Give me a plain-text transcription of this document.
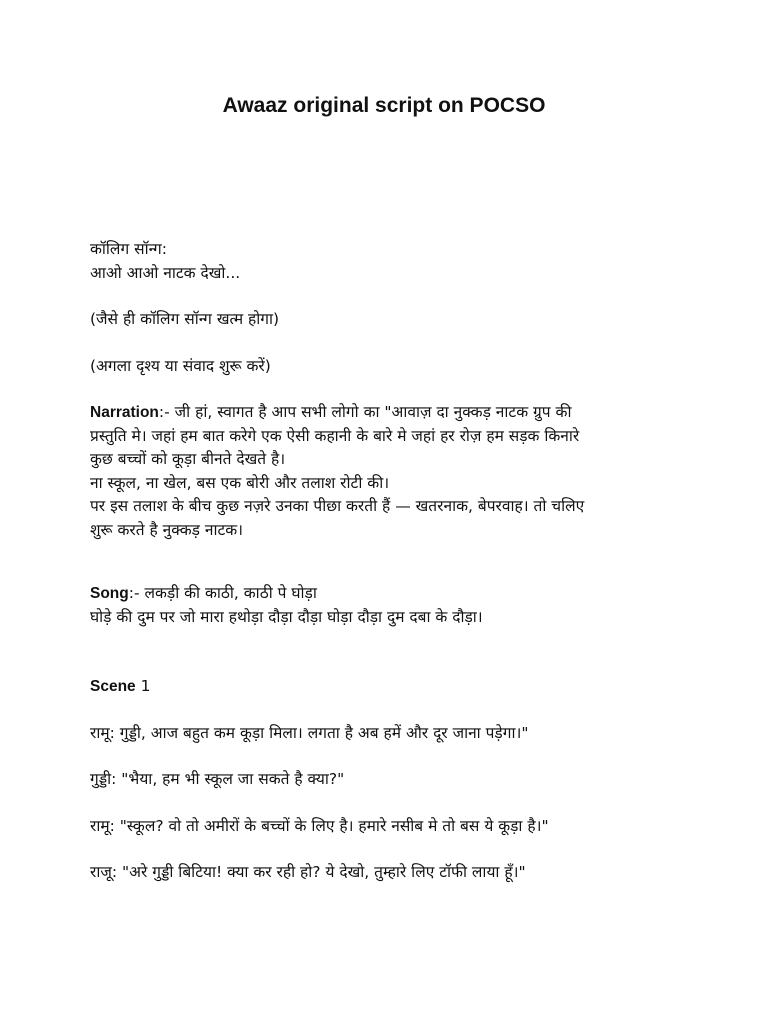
Awaaz original script on POCSO

कॉलिग सॉन्ग:

आओ आओ नाटक देखो...

(जैसे ही कॉलिग सॉन्ग खत्म होगा)

(अगला दृश्य या संवाद शुरू करें)

Narration:- जी हां, स्वागत है आप सभी लोगो का "आवाज़ दा नुक्कड़ नाटक ग्रुप की

प्रस्तुति मे। जहां हम बात करेगे एक ऐसी कहानी के बारे मे जहां हर रोज़ हम सड़क किनारे

कुछ बच्चों को कूड़ा बीनते देखते है।

ना स्कूल, ना खेल, बस एक बोरी और तलाश रोटी की।

पर इस तलाश के बीच कुछ नज़रे उनका पीछा करती हैं — खतरनाक, बेपरवाह। तो चलिए

शुरू करते है नुक्कड़ नाटक।

Song:- लकड़ी की काठी, काठी पे घोड़ा

घोड़े की दुम पर जो मारा हथोड़ा दौड़ा दौड़ा घोड़ा दौड़ा दुम दबा के दौड़ा।

Scene 1

रामू: गुड्डी, आज बहुत कम कूड़ा मिला। लगता है अब हमें और दूर जाना पड़ेगा।"

गुड्डी: "भैया, हम भी स्कूल जा सकते है क्या?"

रामू: "स्कूल? वो तो अमीरों के बच्चों के लिए है। हमारे नसीब मे तो बस ये कूड़ा है।"

राजू: "अरे गुड्डी बिटिया! क्या कर रही हो? ये देखो, तुम्हारे लिए टॉफी लाया हूँ।"
